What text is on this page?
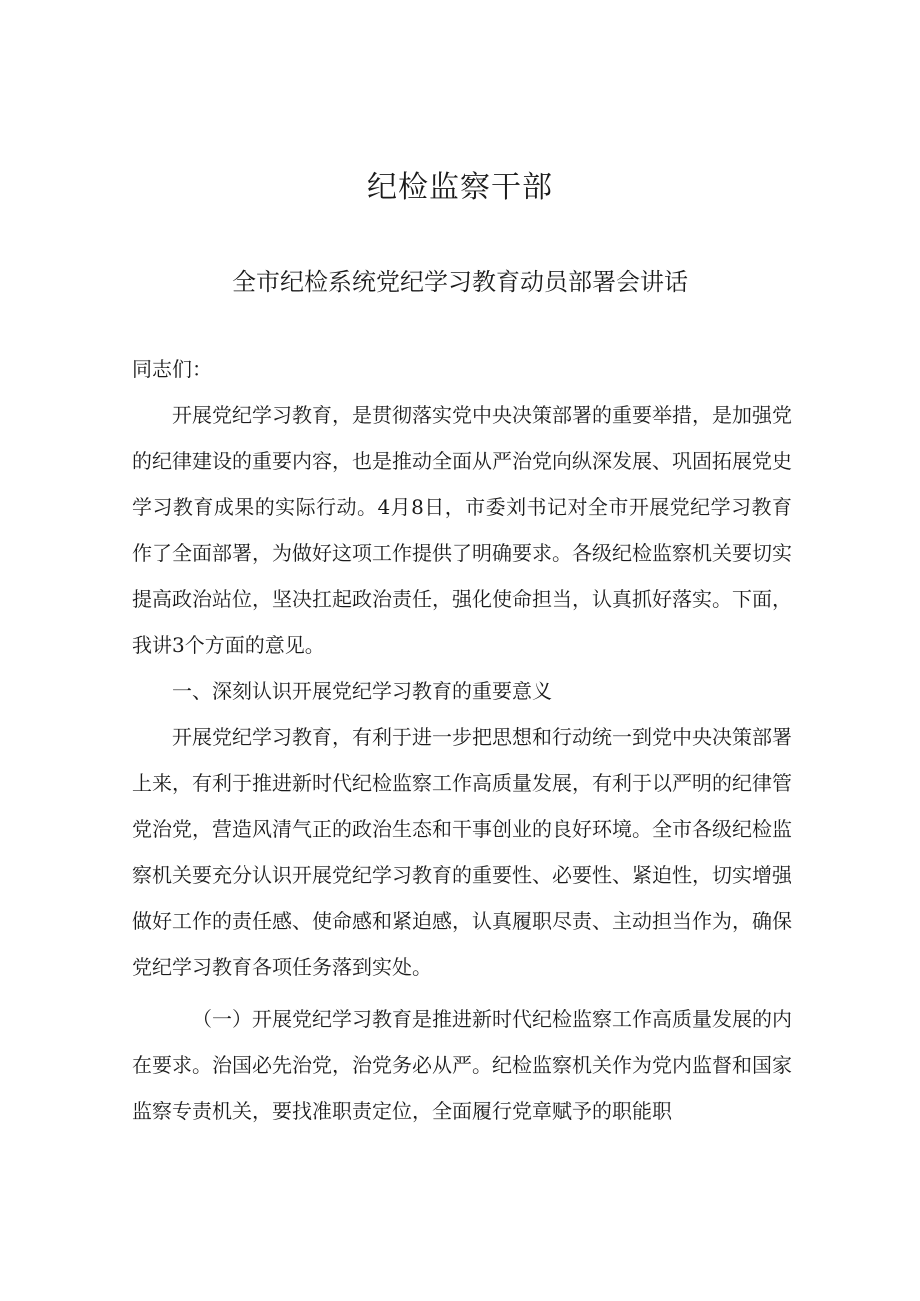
纪检监察干部
全市纪检系统党纪学习教育动员部署会讲话

同志们：

开展党纪学习教育，是贯彻落实党中央决策部署的重要举措，是加强党的纪律建设的重要内容，也是推动全面从严治党向纵深发展、巩固拓展党史学习教育成果的实际行动。4月8日，市委刘书记对全市开展党纪学习教育作了全面部署，为做好这项工作提供了明确要求。各级纪检监察机关要切实提高政治站位，坚决扛起政治责任，强化使命担当，认真抓好落实。下面，我讲3个方面的意见。

一、深刻认识开展党纪学习教育的重要意义

开展党纪学习教育，有利于进一步把思想和行动统一到党中央决策部署上来，有利于推进新时代纪检监察工作高质量发展，有利于以严明的纪律管党治党，营造风清气正的政治生态和干事创业的良好环境。全市各级纪检监察机关要充分认识开展党纪学习教育的重要性、必要性、紧迫性，切实增强做好工作的责任感、使命感和紧迫感，认真履职尽责、主动担当作为，确保党纪学习教育各项任务落到实处。

（一）开展党纪学习教育是推进新时代纪检监察工作高质量发展的内在要求。治国必先治党，治党务必从严。纪检监察机关作为党内监督和国家监察专责机关，要找准职责定位，全面履行党章赋予的职能职
